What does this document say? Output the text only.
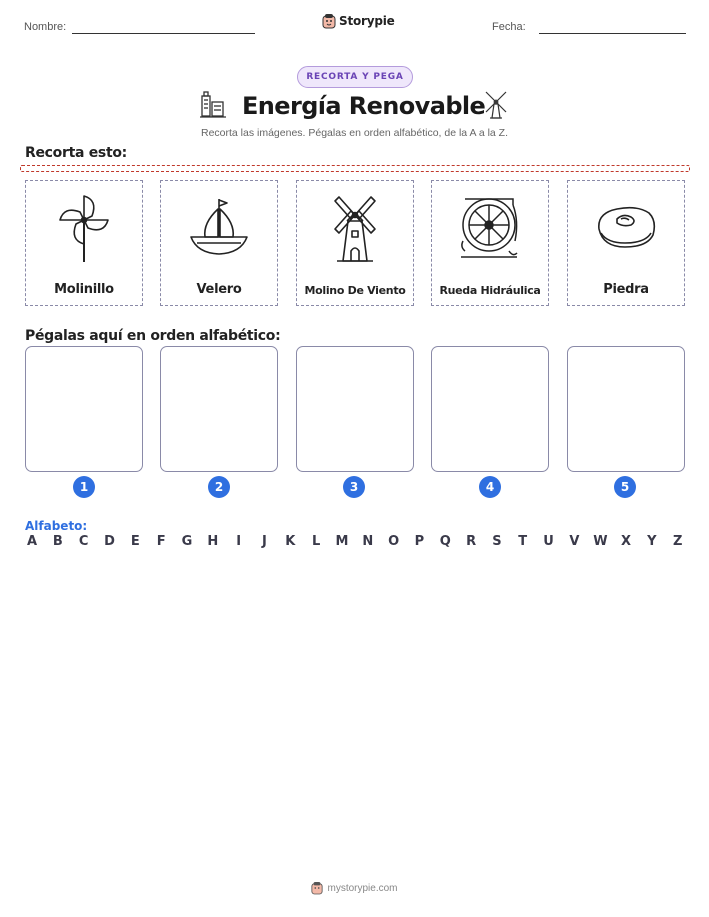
Nombre:	Storypie	Fecha:
RECORTA Y PEGA
Energía Renovable
Recorta las imágenes. Pégalas en orden alfabético, de la A a la Z.
Recorta esto:
Molinillo	Velero	Molino De Viento	Rueda Hidráulica	Piedra
Pégalas aquí en orden alfabético:
1	2	3	4	5
Alfabeto:
A B C D E F G H	I	J	K L M N O P Q R S T U V W X Y Z
mystorypie.com
